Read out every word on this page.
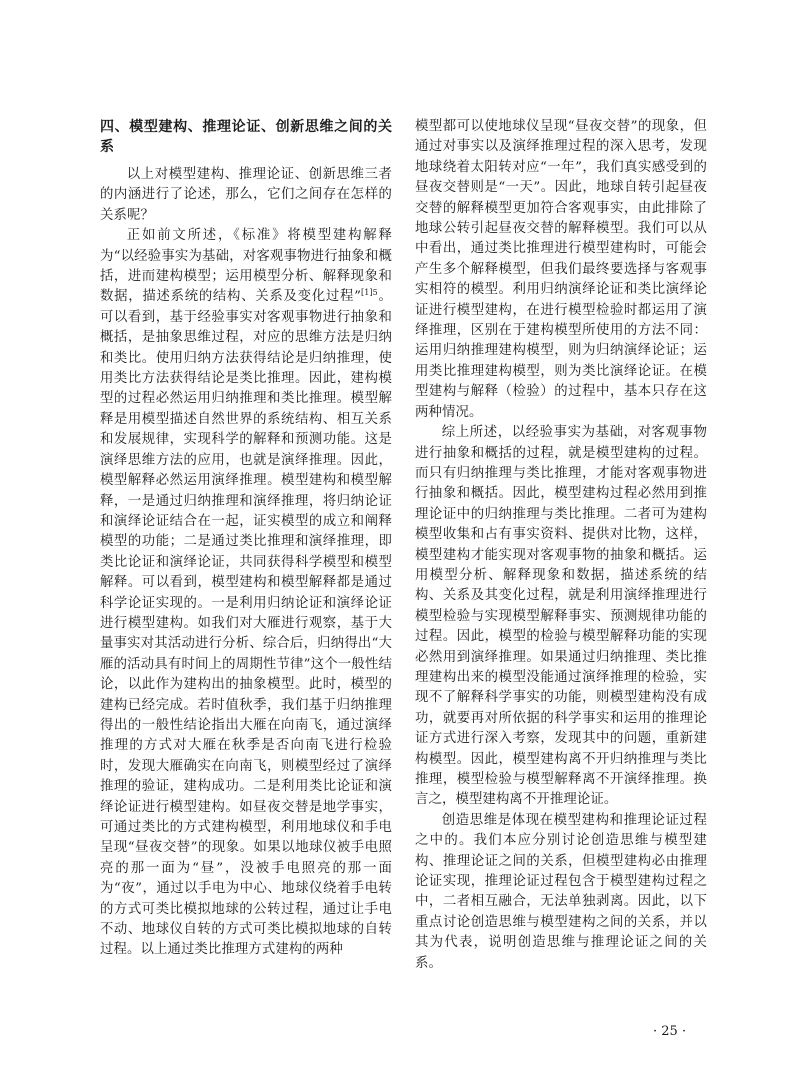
四、模型建构、推理论证、创新思维之间的关系

以上对模型建构、推理论证、创新思维三者的内涵进行了论述，那么，它们之间存在怎样的关系呢？

正如前文所述，《标准》将模型建构解释为“以经验事实为基础，对客观事物进行抽象和概括，进而建构模型；运用模型分析、解释现象和数据，描述系统的结构、关系及变化过程”$^{[1]5}$。可以看到，基于经验事实对客观事物进行抽象和概括，是抽象思维过程，对应的思维方法是归纳和类比。使用归纳方法获得结论是归纳推理，使用类比方法获得结论是类比推理。因此，建构模型的过程必然运用归纳推理和类比推理。模型解释是用模型描述自然世界的系统结构、相互关系和发展规律，实现科学的解释和预测功能。这是演绎思维方法的应用，也就是演绎推理。因此，模型解释必然运用演绎推理。模型建构和模型解释，一是通过归纳推理和演绎推理，将归纳论证和演绎论证结合在一起，证实模型的成立和阐释模型的功能；二是通过类比推理和演绎推理，即类比论证和演绎论证，共同获得科学模型和模型解释。可以看到，模型建构和模型解释都是通过科学论证实现的。一是利用归纳论证和演绎论证进行模型建构。如我们对大雁进行观察，基于大量事实对其活动进行分析、综合后，归纳得出“大雁的活动具有时间上的周期性节律”这个一般性结论，以此作为建构出的抽象模型。此时，模型的建构已经完成。若时值秋季，我们基于归纳推理得出的一般性结论指出大雁在向南飞，通过演绎推理的方式对大雁在秋季是否向南飞进行检验时，发现大雁确实在向南飞，则模型经过了演绎推理的验证，建构成功。二是利用类比论证和演绎论证进行模型建构。如昼夜交替是地学事实，可通过类比的方式建构模型，利用地球仪和手电呈现“昼夜交替”的现象。如果以地球仪被手电照亮的那一面为“昼”，没被手电照亮的那一面为“夜”，通过以手电为中心、地球仪绕着手电转的方式可类比模拟地球的公转过程，通过让手电不动、地球仪自转的方式可类比模拟地球的自转过程。以上通过类比推理方式建构的两种

模型都可以使地球仪呈现“昼夜交替”的现象，但通过对事实以及演绎推理过程的深入思考，发现地球绕着太阳转对应“一年”，我们真实感受到的昼夜交替则是“一天”。因此，地球自转引起昼夜交替的解释模型更加符合客观事实，由此排除了地球公转引起昼夜交替的解释模型。我们可以从中看出，通过类比推理进行模型建构时，可能会产生多个解释模型，但我们最终要选择与客观事实相符的模型。利用归纳演绎论证和类比演绎论证进行模型建构，在进行模型检验时都运用了演绎推理，区别在于建构模型所使用的方法不同：运用归纳推理建构模型，则为归纳演绎论证；运用类比推理建构模型，则为类比演绎论证。在模型建构与解释（检验）的过程中，基本只存在这两种情况。

综上所述，以经验事实为基础，对客观事物进行抽象和概括的过程，就是模型建构的过程。而只有归纳推理与类比推理，才能对客观事物进行抽象和概括。因此，模型建构过程必然用到推理论证中的归纳推理与类比推理。二者可为建构模型收集和占有事实资料、提供对比物，这样，模型建构才能实现对客观事物的抽象和概括。运用模型分析、解释现象和数据，描述系统的结构、关系及其变化过程，就是利用演绎推理进行模型检验与实现模型解释事实、预测规律功能的过程。因此，模型的检验与模型解释功能的实现必然用到演绎推理。如果通过归纳推理、类比推理建构出来的模型没能通过演绎推理的检验，实现不了解释科学事实的功能，则模型建构没有成功，就要再对所依据的科学事实和运用的推理论证方式进行深入考察，发现其中的问题，重新建构模型。因此，模型建构离不开归纳推理与类比推理，模型检验与模型解释离不开演绎推理。换言之，模型建构离不开推理论证。

创造思维是体现在模型建构和推理论证过程之中的。我们本应分别讨论创造思维与模型建构、推理论证之间的关系，但模型建构必由推理论证实现，推理论证过程包含于模型建构过程之中，二者相互融合，无法单独剥离。因此，以下重点讨论创造思维与模型建构之间的关系，并以其为代表，说明创造思维与推理论证之间的关系。

· 25 ·
